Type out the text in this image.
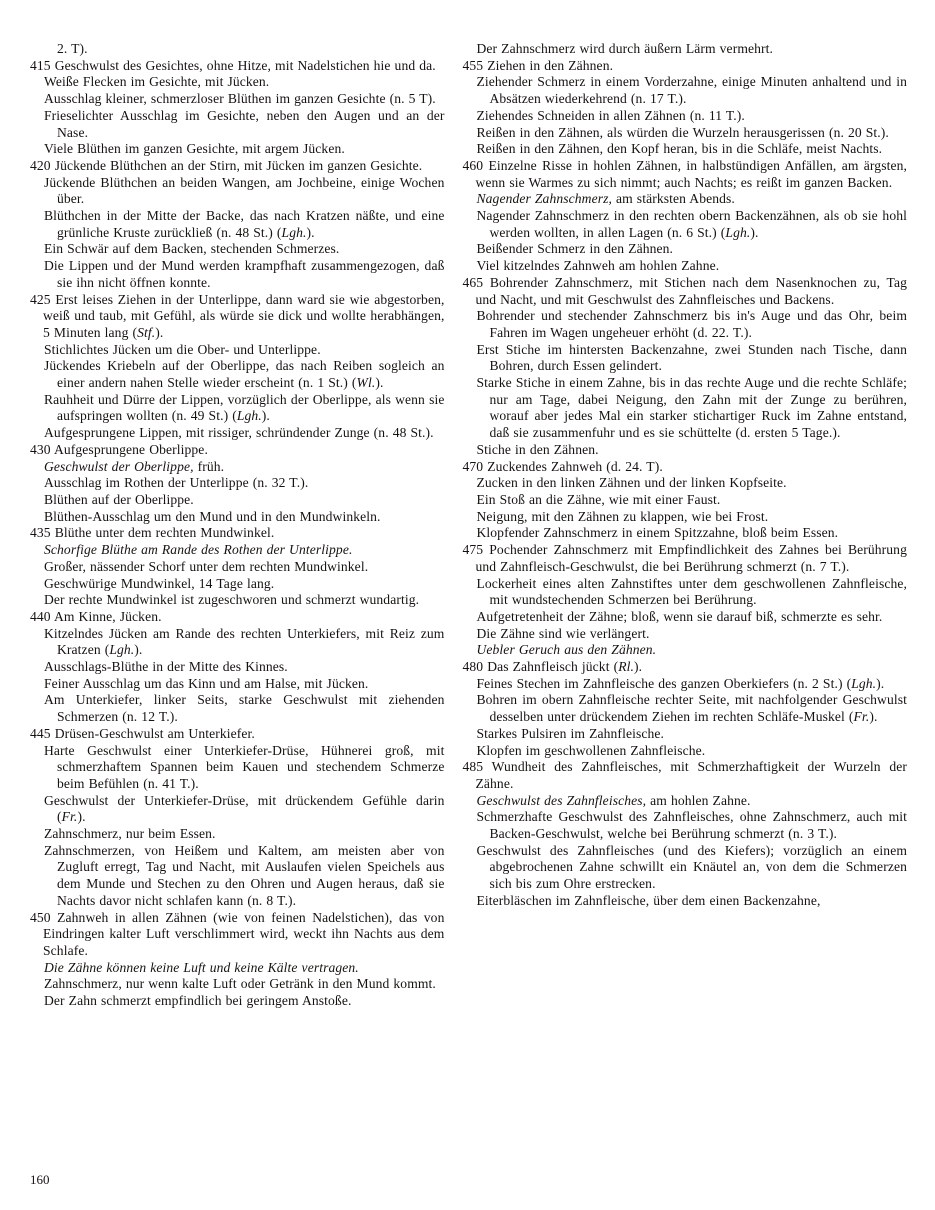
2. T).

415 Geschwulst des Gesichtes, ohne Hitze, mit Nadelstichen hie und da.

Weiße Flecken im Gesichte, mit Jücken.

Ausschlag kleiner, schmerzloser Blüthen im ganzen Gesichte (n. 5 T).

Frieselichter Ausschlag im Gesichte, neben den Augen und an der Nase.

Viele Blüthen im ganzen Gesichte, mit argem Jücken.

420 Jückende Blüthchen an der Stirn, mit Jücken im ganzen Gesichte.

Jückende Blüthchen an beiden Wangen, am Jochbeine, einige Wochen über.

Blüthchen in der Mitte der Backe, das nach Kratzen näßte, und eine grünliche Kruste zurückließ (n. 48 St.) (Lgh.).

Ein Schwär auf dem Backen, stechenden Schmerzes.

Die Lippen und der Mund werden krampfhaft zusammengezogen, daß sie ihn nicht öffnen konnte.

425 Erst leises Ziehen in der Unterlippe, dann ward sie wie abgestorben, weiß und taub, mit Gefühl, als würde sie dick und wollte herabhängen, 5 Minuten lang (Stf.).

Stichlichtes Jücken um die Ober- und Unterlippe.

Jückendes Kriebeln auf der Oberlippe, das nach Reiben sogleich an einer andern nahen Stelle wieder erscheint (n. 1 St.) (Wl.).

Rauhheit und Dürre der Lippen, vorzüglich der Oberlippe, als wenn sie aufspringen wollten (n. 49 St.) (Lgh.).

Aufgesprungene Lippen, mit rissiger, schründender Zunge (n. 48 St.).

430 Aufgesprungene Oberlippe.

Geschwulst der Oberlippe, früh.

Ausschlag im Rothen der Unterlippe (n. 32 T.).

Blüthen auf der Oberlippe.

Blüthen-Ausschlag um den Mund und in den Mundwinkeln.

435 Blüthe unter dem rechten Mundwinkel.

Schorfige Blüthe am Rande des Rothen der Unterlippe.

Großer, nässender Schorf unter dem rechten Mundwinkel.

Geschwürige Mundwinkel, 14 Tage lang.

Der rechte Mundwinkel ist zugeschworen und schmerzt wundartig.

440 Am Kinne, Jücken.

Kitzelndes Jücken am Rande des rechten Unterkiefers, mit Reiz zum Kratzen (Lgh.).

Ausschlags-Blüthe in der Mitte des Kinnes.

Feiner Ausschlag um das Kinn und am Halse, mit Jücken.

Am Unterkiefer, linker Seits, starke Geschwulst mit ziehenden Schmerzen (n. 12 T.).

445 Drüsen-Geschwulst am Unterkiefer.

Harte Geschwulst einer Unterkiefer-Drüse, Hühnerei groß, mit schmerzhaftem Spannen beim Kauen und stechendem Schmerze beim Befühlen (n. 41 T.).

Geschwulst der Unterkiefer-Drüse, mit drückendem Gefühle darin (Fr.).

Zahnschmerz, nur beim Essen.

Zahnschmerzen, von Heißem und Kaltem, am meisten aber von Zugluft erregt, Tag und Nacht, mit Auslaufen vielen Speichels aus dem Munde und Stechen zu den Ohren und Augen heraus, daß sie Nachts davor nicht schlafen kann (n. 8 T.).

450 Zahnweh in allen Zähnen (wie von feinen Nadelstichen), das von Eindringen kalter Luft verschlimmert wird, weckt ihn Nachts aus dem Schlafe.

Die Zähne können keine Luft und keine Kälte vertragen.

Zahnschmerz, nur wenn kalte Luft oder Getränk in den Mund kommt.

Der Zahn schmerzt empfindlich bei geringem Anstoße.

Der Zahnschmerz wird durch äußern Lärm vermehrt.

455 Ziehen in den Zähnen.

Ziehender Schmerz in einem Vorderzahne, einige Minuten anhaltend und in Absätzen wiederkehrend (n. 17 T.).

Ziehendes Schneiden in allen Zähnen (n. 11 T.).

Reißen in den Zähnen, als würden die Wurzeln herausgerissen (n. 20 St.).

Reißen in den Zähnen, den Kopf heran, bis in die Schläfe, meist Nachts.

460 Einzelne Risse in hohlen Zähnen, in halbstündigen Anfällen, am ärgsten, wenn sie Warmes zu sich nimmt; auch Nachts; es reißt im ganzen Backen.

Nagender Zahnschmerz, am stärksten Abends.

Nagender Zahnschmerz in den rechten obern Backenzähnen, als ob sie hohl werden wollten, in allen Lagen (n. 6 St.) (Lgh.).

Beißender Schmerz in den Zähnen.

Viel kitzelndes Zahnweh am hohlen Zahne.

465 Bohrender Zahnschmerz, mit Stichen nach dem Nasenknochen zu, Tag und Nacht, und mit Geschwulst des Zahnfleisches und Backens.

Bohrender und stechender Zahnschmerz bis in's Auge und das Ohr, beim Fahren im Wagen ungeheuer erhöht (d. 22. T.).

Erst Stiche im hintersten Backenzahne, zwei Stunden nach Tische, dann Bohren, durch Essen gelindert.

Starke Stiche in einem Zahne, bis in das rechte Auge und die rechte Schläfe; nur am Tage, dabei Neigung, den Zahn mit der Zunge zu berühren, worauf aber jedes Mal ein starker stichartiger Ruck im Zahne entstand, daß sie zusammenfuhr und es sie schüttelte (d. ersten 5 Tage.).

Stiche in den Zähnen.

470 Zuckendes Zahnweh (d. 24. T).

Zucken in den linken Zähnen und der linken Kopfseite.

Ein Stoß an die Zähne, wie mit einer Faust.

Neigung, mit den Zähnen zu klappen, wie bei Frost.

Klopfender Zahnschmerz in einem Spitzzahne, bloß beim Essen.

475 Pochender Zahnschmerz mit Empfindlichkeit des Zahnes bei Berührung und Zahnfleisch-Geschwulst, die bei Berührung schmerzt (n. 7 T.).

Lockerheit eines alten Zahnstiftes unter dem geschwollenen Zahnfleische, mit wundstechenden Schmerzen bei Berührung.

Aufgetretenheit der Zähne; bloß, wenn sie darauf biß, schmerzte es sehr.

Die Zähne sind wie verlängert.

Uebler Geruch aus den Zähnen.

480 Das Zahnfleisch jückt (Rl.).

Feines Stechen im Zahnfleische des ganzen Oberkiefers (n. 2 St.) (Lgh.).

Bohren im obern Zahnfleische rechter Seite, mit nachfolgender Geschwulst desselben unter drückendem Ziehen im rechten Schläfe-Muskel (Fr.).

Starkes Pulsiren im Zahnfleische.

Klopfen im geschwollenen Zahnfleische.

485 Wundheit des Zahnfleisches, mit Schmerzhaftigkeit der Wurzeln der Zähne.

Geschwulst des Zahnfleisches, am hohlen Zahne.

Schmerzhafte Geschwulst des Zahnfleisches, ohne Zahnschmerz, auch mit Backen-Geschwulst, welche bei Berührung schmerzt (n. 3 T.).

Geschwulst des Zahnfleisches (und des Kiefers); vorzüglich an einem abgebrochenen Zahne schwillt ein Knäutel an, von dem die Schmerzen sich bis zum Ohre erstrecken.

Eiterbläschen im Zahnfleische, über dem einen Backenzahne,

160
